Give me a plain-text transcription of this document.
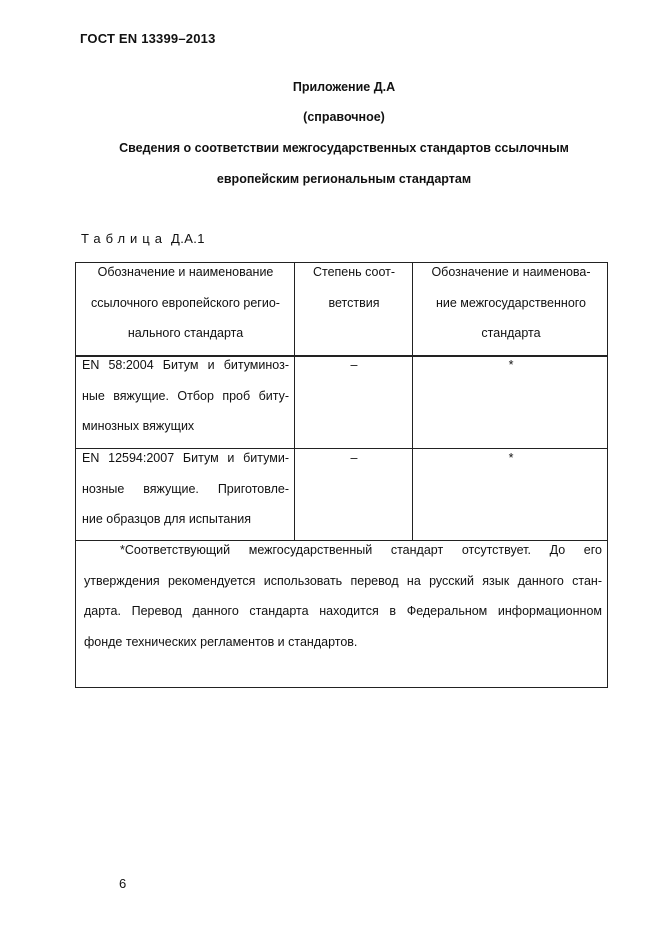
ГОСТ EN 13399–2013
Приложение Д.А
(справочное)
Сведения о соответствии межгосударственных стандартов ссылочным
европейским региональным стандартам
Таблица Д.А.1
Обозначение и наименование
ссылочного европейского регио-
нального стандарта
Степень соот-
ветствия
Обозначение и наименова-
ние межгосударственного
стандарта
EN 58:2004 Битум и битуминоз-
ные вяжущие. Отбор проб биту-
минозных вяжущих
–	*
EN 12594:2007 Битум и битуми-
нозные вяжущие. Приготовле-
ние образцов для испытания
–	*
*Соответствующий межгосударственный стандарт отсутствует. До его
утверждения рекомендуется использовать перевод на русский язык данного стан-
дарта. Перевод данного стандарта находится в Федеральном информационном
фонде технических регламентов и стандартов.
6
